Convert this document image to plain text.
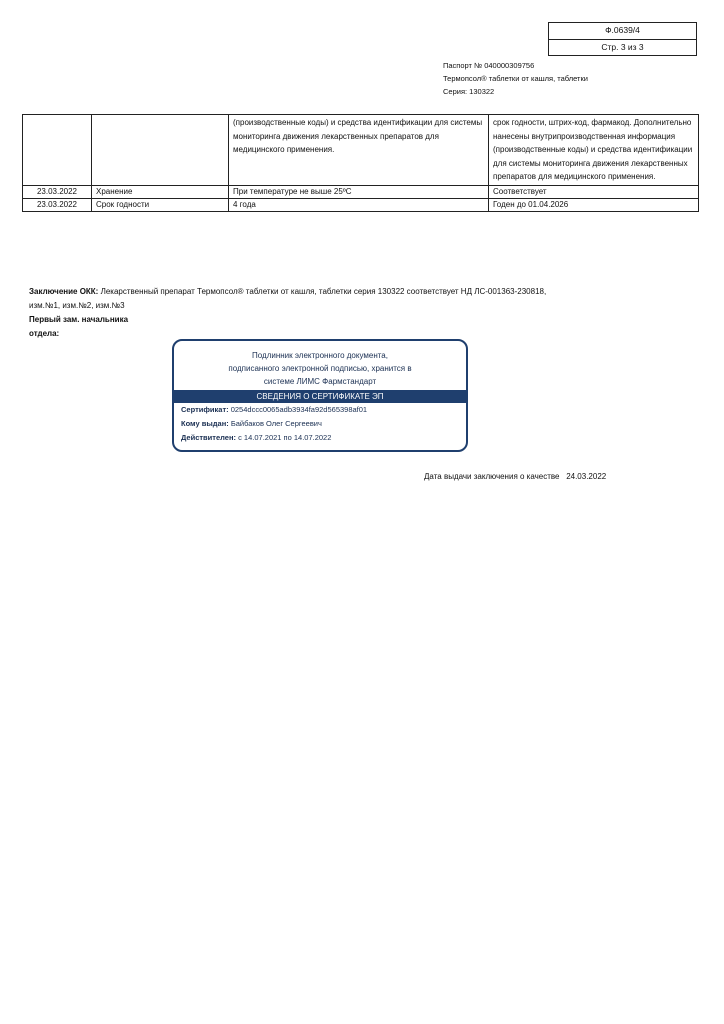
Ф.0639/4
Стр. 3 из 3
Паспорт № 040000309756
Термопсол® таблетки от кашля, таблетки
Серия: 130322
		(производственные коды) и средства идентификации для системы мониторинга движения лекарственных препаратов для медицинского применения.	срок годности, штрих-код, фармакод. Дополнительно нанесены внутрипроизводственная информация (производственные коды) и средства идентификации для системы мониторинга движения лекарственных препаратов для медицинского применения.
23.03.2022	Хранение	При температуре не выше 25ºС	Соответствует
23.03.2022	Срок годности	4 года	Годен до 01.04.2026
Заключение ОКК: Лекарственный препарат Термопсол® таблетки от кашля, таблетки серия 130322 соответствует НД ЛС-001363-230818, изм.№1, изм.№2, изм.№3
Первый зам. начальника
отдела:
Подлинник электронного документа,
подписанного электронной подписью, хранится в
системе ЛИМС Фармстандарт
СВЕДЕНИЯ О СЕРТИФИКАТЕ ЭП
Сертификат: 0254dccc0065adb3934fa92d565398af01
Кому выдан: Байбаков Олег Сергеевич
Действителен: с 14.07.2021 по 14.07.2022
Дата выдачи заключения о качестве 24.03.2022
